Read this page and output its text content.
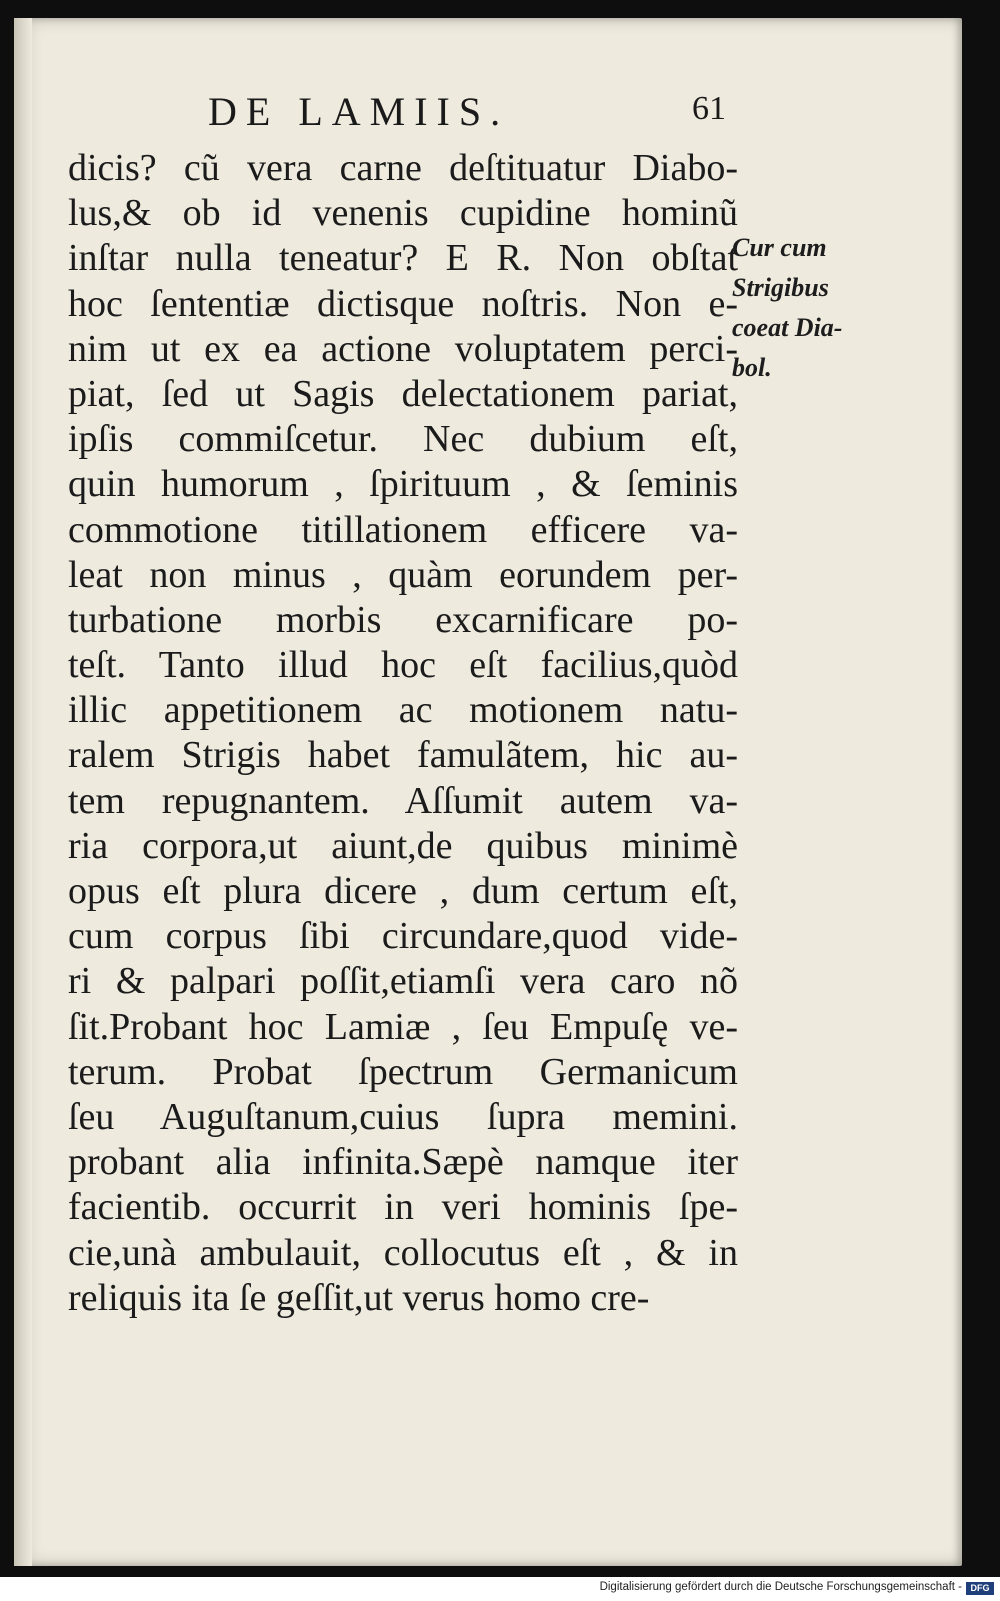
DE LAMIIS.	61
dicis? cũ vera carne deſtituatur Diabo-
lus,& ob id venenis cupidine hominũ
inſtar nulla teneatur? E R. Non obſtat
hoc ſententiæ dictisque noſtris. Non e-
nim ut ex ea actione voluptatem perci-
piat, ſed ut Sagis delectationem pariat,
ipſis commiſcetur. Nec dubium eſt,
quin humorum , ſpirituum , & ſeminis
commotione titillationem efficere va-
leat non minus , quàm eorundem per-
turbatione morbis excarnificare po-
teſt. Tanto illud hoc eſt facilius,quòd
illic appetitionem ac motionem natu-
ralem Strigis habet famulãtem, hic au-
tem repugnantem. Aſſumit autem va-
ria corpora,ut aiunt,de quibus minimè
opus eſt plura dicere , dum certum eſt,
cum corpus ſibi circundare,quod vide-
ri & palpari poſſit,etiamſi vera caro nõ
ſit.Probant hoc Lamiæ , ſeu Empuſę ve-
terum. Probat ſpectrum Germanicum
ſeu Auguſtanum,cuius ſupra memini.
probant alia infinita.Sæpè namque iter
facientib. occurrit in veri hominis ſpe-
cie,unà ambulauit, collocutus eſt , & in
reliquis ita ſe geſſit,ut verus homo cre-
Cur cum
Strigibus
coeat Dia-
bol.
Digitalisierung gefördert durch die Deutsche Forschungsgemeinschaft - DFG
